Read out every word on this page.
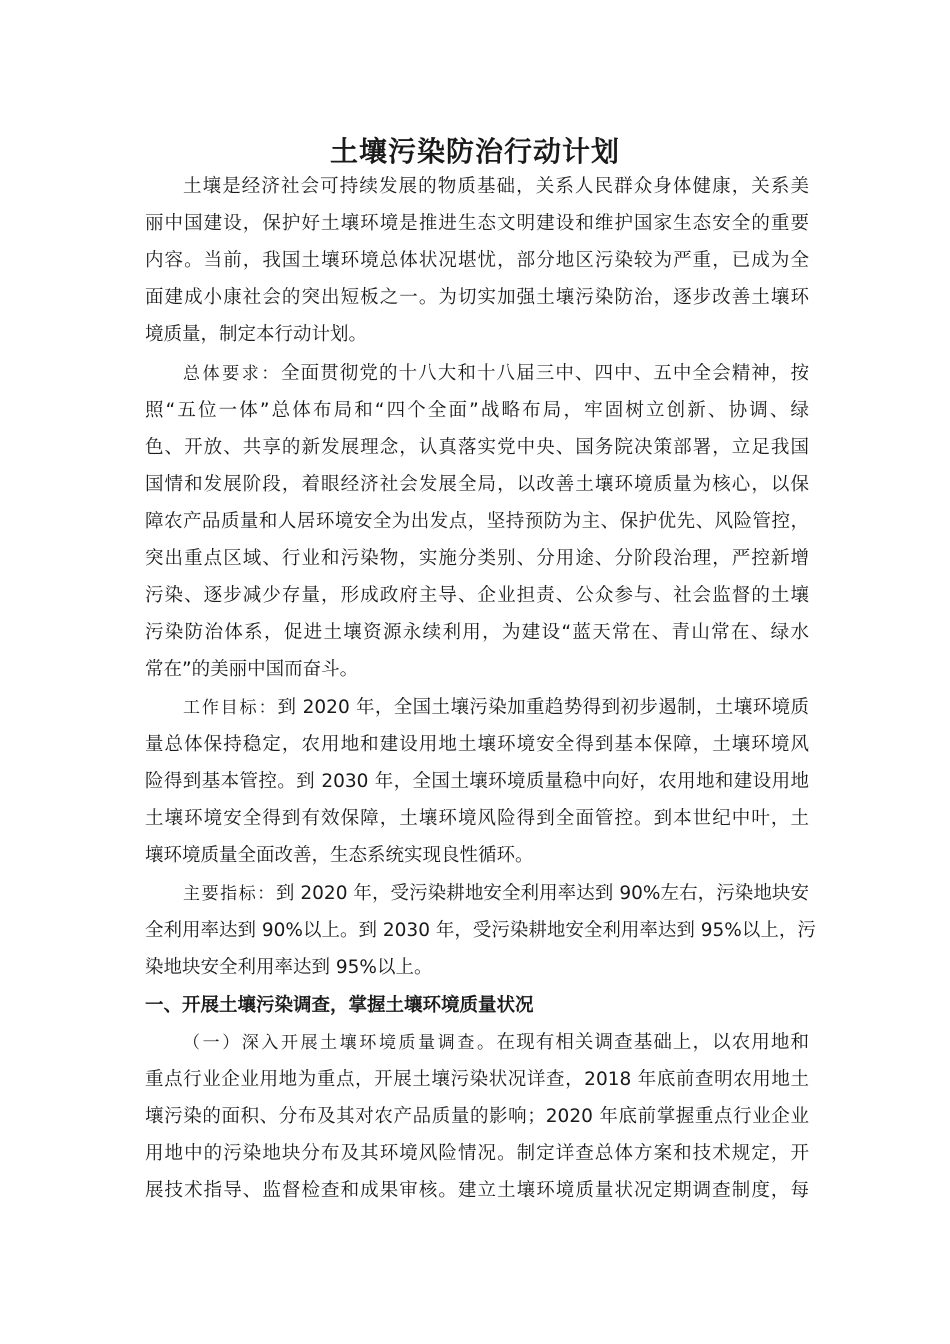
土壤污染防治行动计划

土壤是经济社会可持续发展的物质基础，关系人民群众身体健康，关系美

丽中国建设，保护好土壤环境是推进生态文明建设和维护国家生态安全的重要

内容。当前，我国土壤环境总体状况堪忧，部分地区污染较为严重，已成为全

面建成小康社会的突出短板之一。为切实加强土壤污染防治，逐步改善土壤环

境质量，制定本行动计划。

总体要求：全面贯彻党的十八大和十八届三中、四中、五中全会精神，按

照“五位一体”总体布局和“四个全面”战略布局，牢固树立创新、协调、绿

色、开放、共享的新发展理念，认真落实党中央、国务院决策部署，立足我国

国情和发展阶段，着眼经济社会发展全局，以改善土壤环境质量为核心，以保

障农产品质量和人居环境安全为出发点，坚持预防为主、保护优先、风险管控，

突出重点区域、行业和污染物，实施分类别、分用途、分阶段治理，严控新增

污染、逐步减少存量，形成政府主导、企业担责、公众参与、社会监督的土壤

污染防治体系，促进土壤资源永续利用，为建设“蓝天常在、青山常在、绿水

常在”的美丽中国而奋斗。

工作目标：到 2020 年，全国土壤污染加重趋势得到初步遏制，土壤环境质

量总体保持稳定，农用地和建设用地土壤环境安全得到基本保障，土壤环境风

险得到基本管控。到 2030 年，全国土壤环境质量稳中向好，农用地和建设用地

土壤环境安全得到有效保障，土壤环境风险得到全面管控。到本世纪中叶，土

壤环境质量全面改善，生态系统实现良性循环。

主要指标：到 2020 年，受污染耕地安全利用率达到 90%左右，污染地块安

全利用率达到 90%以上。到 2030 年，受污染耕地安全利用率达到 95%以上，污

染地块安全利用率达到 95%以上。

一、开展土壤污染调查，掌握土壤环境质量状况

（一）深入开展土壤环境质量调查。在现有相关调查基础上，以农用地和

重点行业企业用地为重点，开展土壤污染状况详查，2018 年底前查明农用地土

壤污染的面积、分布及其对农产品质量的影响；2020 年底前掌握重点行业企业

用地中的污染地块分布及其环境风险情况。制定详查总体方案和技术规定，开

展技术指导、监督检查和成果审核。建立土壤环境质量状况定期调查制度，每
